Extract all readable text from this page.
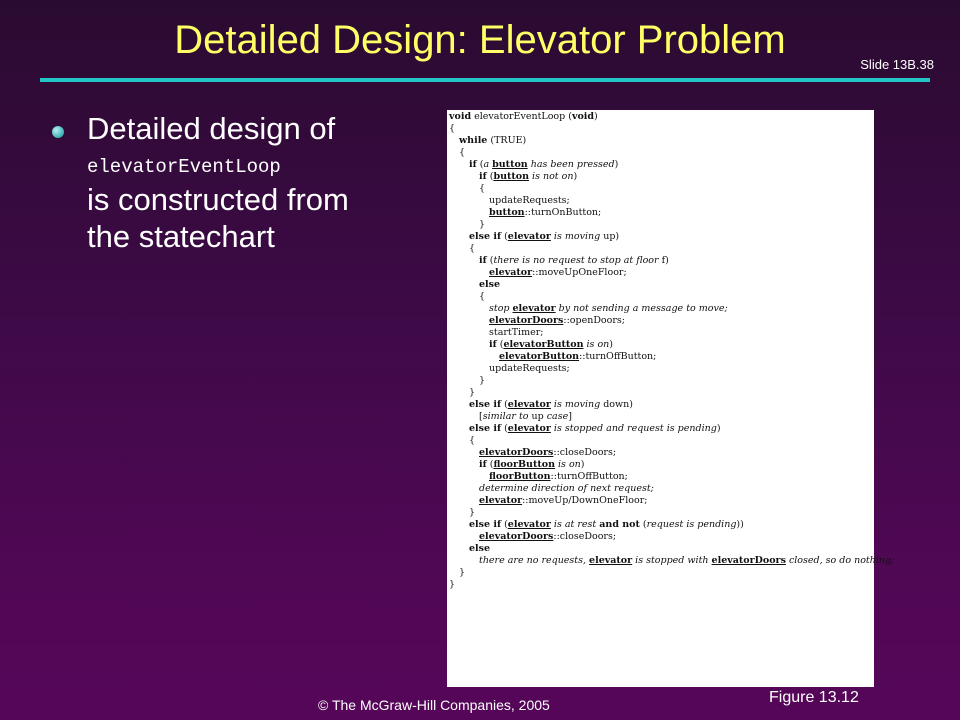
Detailed Design: Elevator Problem
Slide 13B.38
Detailed design of
elevatorEventLoop
is constructed from the statechart
void elevatorEventLoop (void)
{
while (TRUE)
{
if (a button has been pressed)
if (button is not on)
{
updateRequests;
button::turnOnButton;
}
else if (elevator is moving up)
{
if (there is no request to stop at floor f)
elevator::moveUpOneFloor;
else
{
stop elevator by not sending a message to move;
elevatorDoors::openDoors;
startTimer;
if (elevatorButton is on)
elevatorButton::turnOffButton;
updateRequests;
}
}
else if (elevator is moving down)
[similar to up case]
else if (elevator is stopped and request is pending)
{
elevatorDoors::closeDoors;
if (floorButton is on)
floorButton::turnOffButton;
determine direction of next request;
elevator::moveUp/DownOneFloor;
}
else if (elevator is at rest and not (request is pending))
elevatorDoors::closeDoors;
else
there are no requests, elevator is stopped with elevatorDoors closed, so do nothing;
}
}
Figure 13.12
© The McGraw-Hill Companies, 2005
